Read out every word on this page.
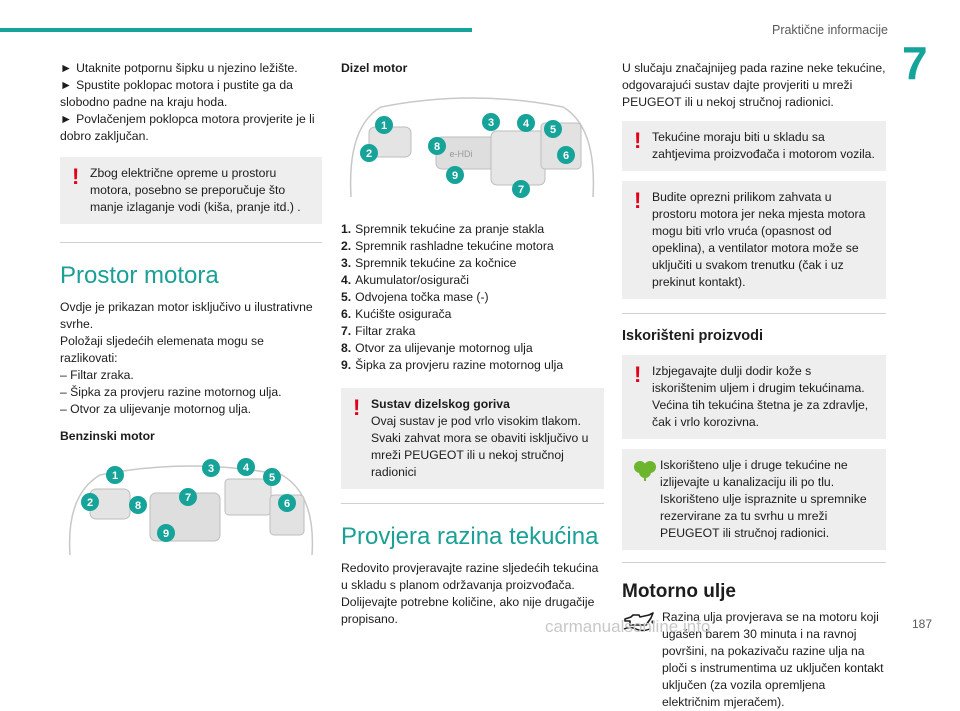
Praktične informacije
7
► Utaknite potpornu šipku u njezino ležište.
► Spustite poklopac motora i pustite ga da slobodno padne na kraju hoda.
► Povlačenjem poklopca motora provjerite je li dobro zaključan.
! Zbog električne opreme u prostoru motora, posebno se preporučuje što manje izlaganje vodi (kiša, pranje itd.) .
Prostor motora
Ovdje je prikazan motor isključivo u ilustrativne svrhe.
Položaji sljedećih elemenata mogu se razlikovati:
– Filtar zraka.
– Šipka za provjeru razine motornog ulja.
– Otvor za ulijevanje motornog ulja.
Benzinski motor
1
2
3	4
5
6
7
8
9
Dizel motor
e-HDi
1
2
3	4 5
6
7
8
9
1. Spremnik tekućine za pranje stakla
2. Spremnik rashladne tekućine motora
3. Spremnik tekućine za kočnice
4. Akumulator/osigurači
5. Odvojena točka mase (-)
6. Kućište osigurača
7. Filtar zraka
8. Otvor za ulijevanje motornog ulja
9. Šipka za provjeru razine motornog ulja
! Sustav dizelskog goriva
Ovaj sustav je pod vrlo visokim tlakom. Svaki zahvat mora se obaviti isključivo u mreži PEUGEOT ili u nekoj stručnoj radionici
Provjera razina tekućina
Redovito provjeravajte razine sljedećih tekućina u skladu s planom održavanja proizvođača. Dolijevajte potrebne količine, ako nije drugačije propisano.
U slučaju značajnijeg pada razine neke tekućine, odgovarajući sustav dajte provjeriti u mreži PEUGEOT ili u nekoj stručnoj radionici.
! Tekućine moraju biti u skladu sa zahtjevima proizvođača i motorom vozila.
! Budite oprezni prilikom zahvata u prostoru motora jer neka mjesta motora mogu biti vrlo vruća (opasnost od opeklina), a ventilator motora može se uključiti u svakom trenutku (čak i uz prekinut kontakt).
Iskorišteni proizvodi
! Izbjegavajte dulji dodir kože s iskorištenim uljem i drugim tekućinama. Većina tih tekućina štetna je za zdravlje, čak i vrlo korozivna.
Iskorišteno ulje i druge tekućine ne izlijevajte u kanalizaciju ili po tlu. Iskorišteno ulje ispraznite u spremnike rezervirane za tu svrhu u mreži PEUGEOT ili stručnoj radionici.
Motorno ulje
Razina ulja provjerava se na motoru koji ugašen barem 30 minuta i na ravnoj površini, na pokazivaču razine ulja na ploči s instrumentima uz uključen kontakt uključen (za vozila opremljena električnim mjeračem).
carmanualsonline.info	187
